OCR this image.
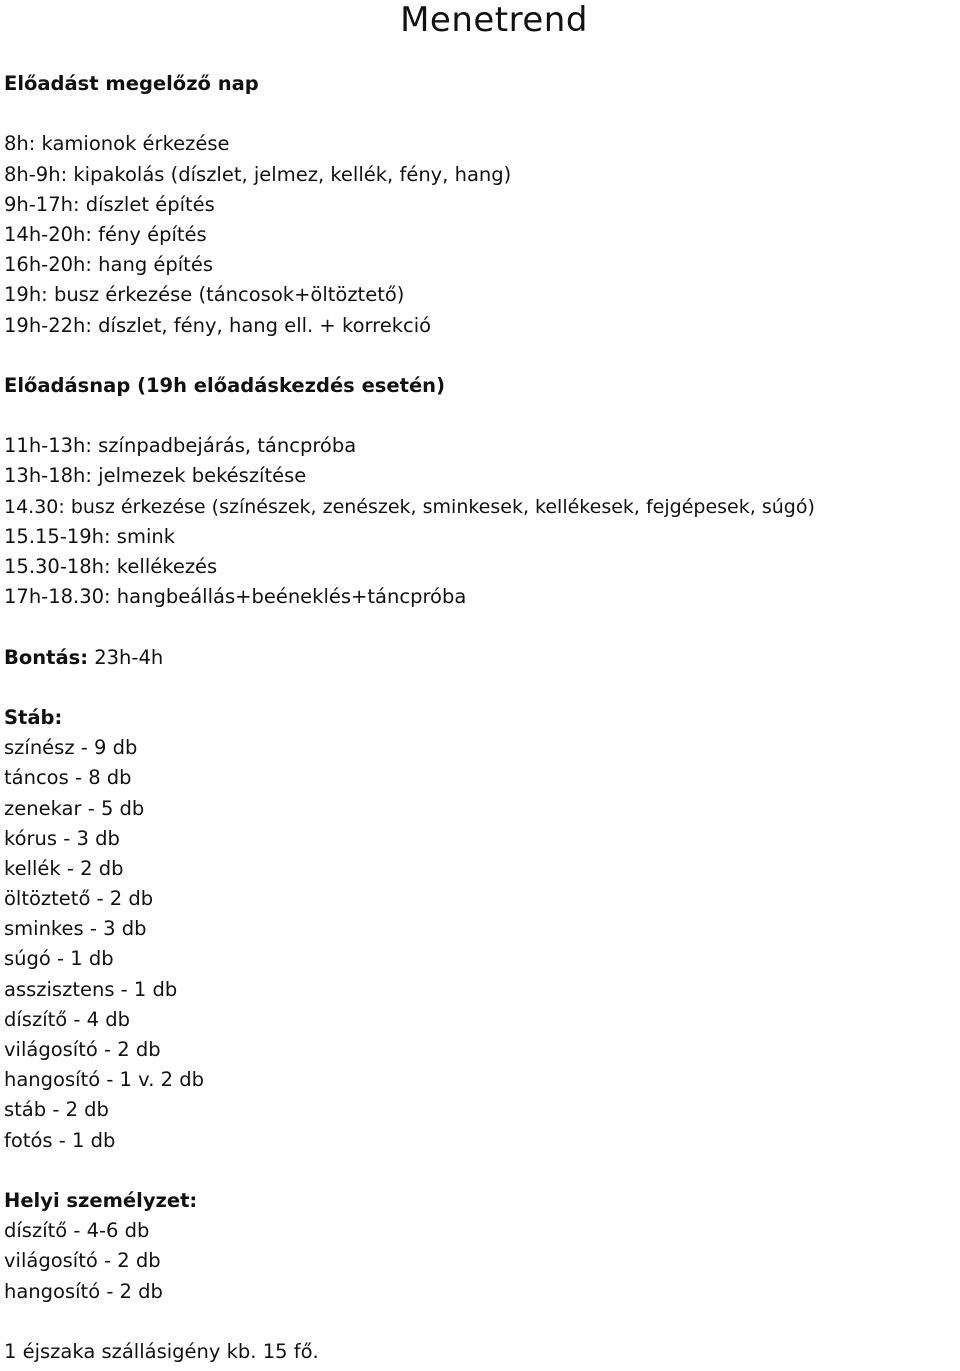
Menetrend
Előadást megelőző nap
8h: kamionok érkezése
8h-9h: kipakolás (díszlet, jelmez, kellék, fény, hang)
9h-17h: díszlet építés
14h-20h: fény építés
16h-20h: hang építés
19h: busz érkezése (táncosok+öltöztető)
19h-22h: díszlet, fény, hang ell. + korrekció
Előadásnap (19h előadáskezdés esetén)
11h-13h: színpadbejárás, táncpróba
13h-18h: jelmezek bekészítése
14.30: busz érkezése (színészek, zenészek, sminkesek, kellékesek, fejgépesek, súgó)
15.15-19h: smink
15.30-18h: kellékezés
17h-18.30: hangbeállás+beéneklés+táncpróba
Bontás: 23h-4h
Stáb:
színész - 9 db
táncos - 8 db
zenekar - 5 db
kórus - 3 db
kellék - 2 db
öltöztető - 2 db
sminkes - 3 db
súgó - 1 db
asszisztens - 1 db
díszítő - 4 db
világosító - 2 db
hangosító - 1 v. 2 db
stáb - 2 db
fotós - 1 db
Helyi személyzet:
díszítő - 4-6 db
világosító - 2 db
hangosító - 2 db
1 éjszaka szállásigény kb. 15 fő.
